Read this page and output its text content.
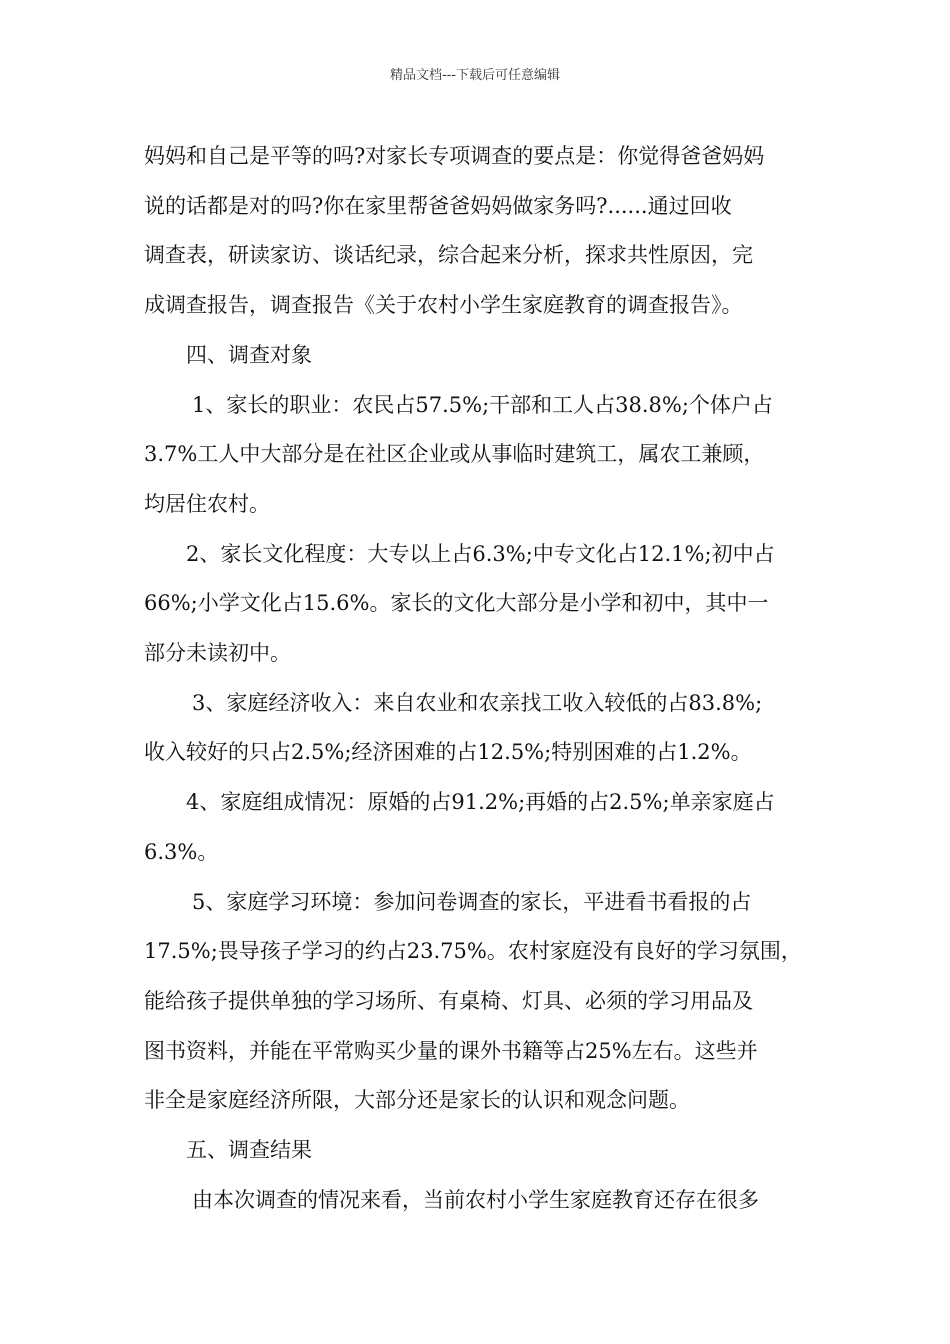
精品文档---下载后可任意编辑

妈妈和自己是平等的吗?对家长专项调查的要点是：你觉得爸爸妈妈

说的话都是对的吗?你在家里帮爸爸妈妈做家务吗?......通过回收

调查表，研读家访、谈话纪录，综合起来分析，探求共性原因，完

成调查报告，调查报告《关于农村小学生家庭教育的调查报告》。

四、调查对象

1、家长的职业：农民占57.5%;干部和工人占38.8%;个体户占

3.7%工人中大部分是在社区企业或从事临时建筑工，属农工兼顾，

均居住农村。

2、家长文化程度：大专以上占6.3%;中专文化占12.1%;初中占

66%;小学文化占15.6%。家长的文化大部分是小学和初中，其中一

部分未读初中。

3、家庭经济收入：来自农业和农亲找工收入较低的占83.8%;

收入较好的只占2.5%;经济困难的占12.5%;特别困难的占1.2%。

4、家庭组成情况：原婚的占91.2%;再婚的占2.5%;单亲家庭占

6.3%。

5、家庭学习环境：参加问卷调查的家长，平进看书看报的占

17.5%;畏导孩子学习的约占23.75%。农村家庭没有良好的学习氛围，

能给孩子提供单独的学习场所、有桌椅、灯具、必须的学习用品及

图书资料，并能在平常购买少量的课外书籍等占25%左右。这些并

非全是家庭经济所限，大部分还是家长的认识和观念问题。

五、调查结果

由本次调查的情况来看，当前农村小学生家庭教育还存在很多
